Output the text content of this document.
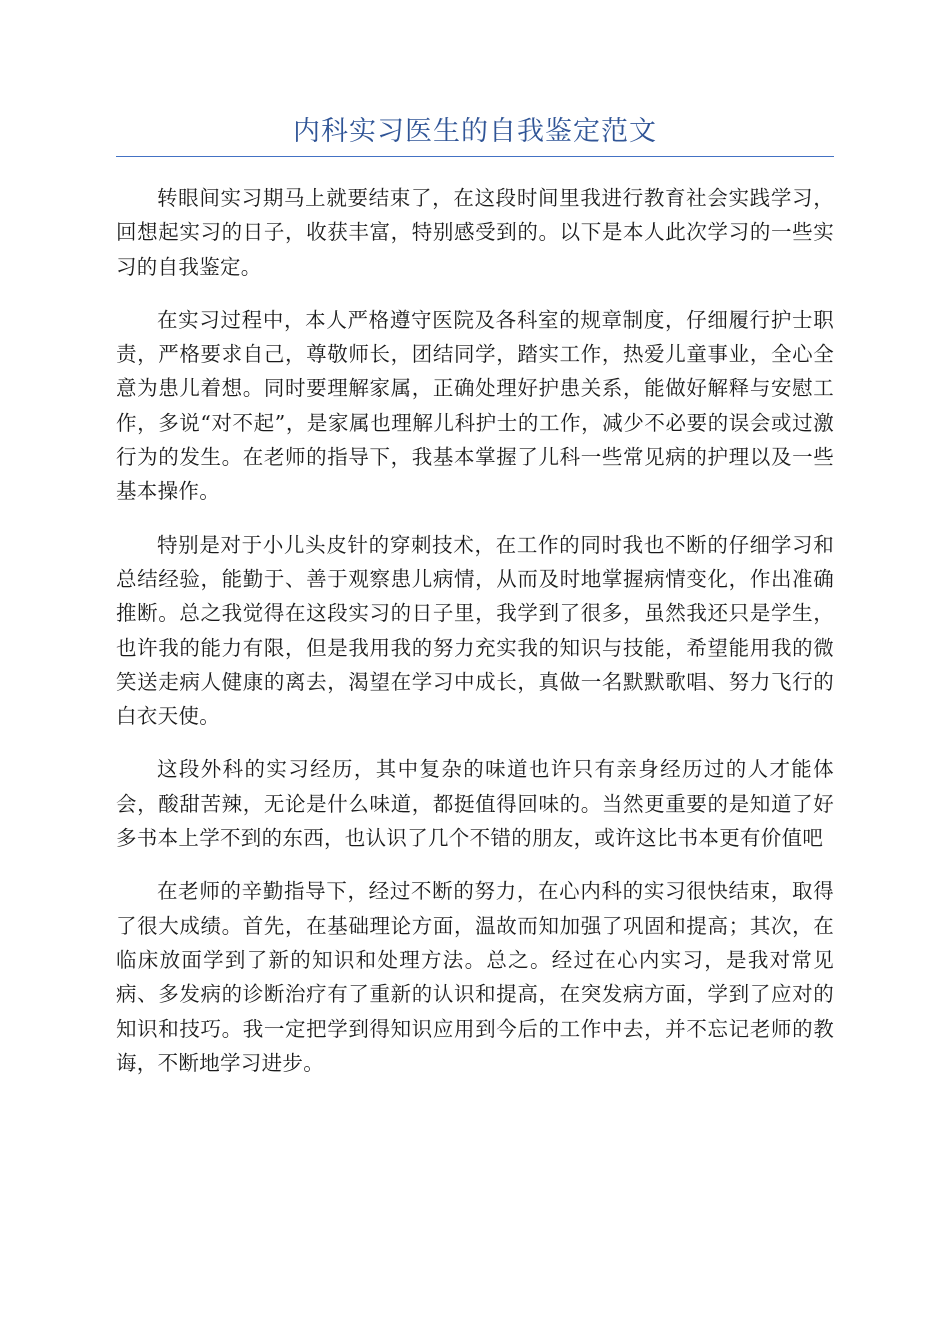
内科实习医生的自我鉴定范文

转眼间实习期马上就要结束了，在这段时间里我进行教育社会实践学习，回想起实习的日子，收获丰富，特别感受到的。以下是本人此次学习的一些实习的自我鉴定。

在实习过程中，本人严格遵守医院及各科室的规章制度，仔细履行护士职责，严格要求自己，尊敬师长，团结同学，踏实工作，热爱儿童事业，全心全意为患儿着想。同时要理解家属，正确处理好护患关系，能做好解释与安慰工作，多说“对不起”，是家属也理解儿科护士的工作，减少不必要的误会或过激行为的发生。在老师的指导下，我基本掌握了儿科一些常见病的护理以及一些基本操作。

特别是对于小儿头皮针的穿刺技术，在工作的同时我也不断的仔细学习和总结经验，能勤于、善于观察患儿病情，从而及时地掌握病情变化，作出准确推断。总之我觉得在这段实习的日子里，我学到了很多，虽然我还只是学生，也许我的能力有限，但是我用我的努力充实我的知识与技能，希望能用我的微笑送走病人健康的离去，渴望在学习中成长，真做一名默默歌唱、努力飞行的白衣天使。

这段外科的实习经历，其中复杂的味道也许只有亲身经历过的人才能体会，酸甜苦辣，无论是什么味道，都挺值得回味的。当然更重要的是知道了好多书本上学不到的东西，也认识了几个不错的朋友，或许这比书本更有价值吧

在老师的辛勤指导下，经过不断的努力，在心内科的实习很快结束，取得了很大成绩。首先，在基础理论方面，温故而知加强了巩固和提高；其次，在临床放面学到了新的知识和处理方法。总之。经过在心内实习，是我对常见病、多发病的诊断治疗有了重新的认识和提高，在突发病方面，学到了应对的知识和技巧。我一定把学到得知识应用到今后的工作中去，并不忘记老师的教诲，不断地学习进步。
